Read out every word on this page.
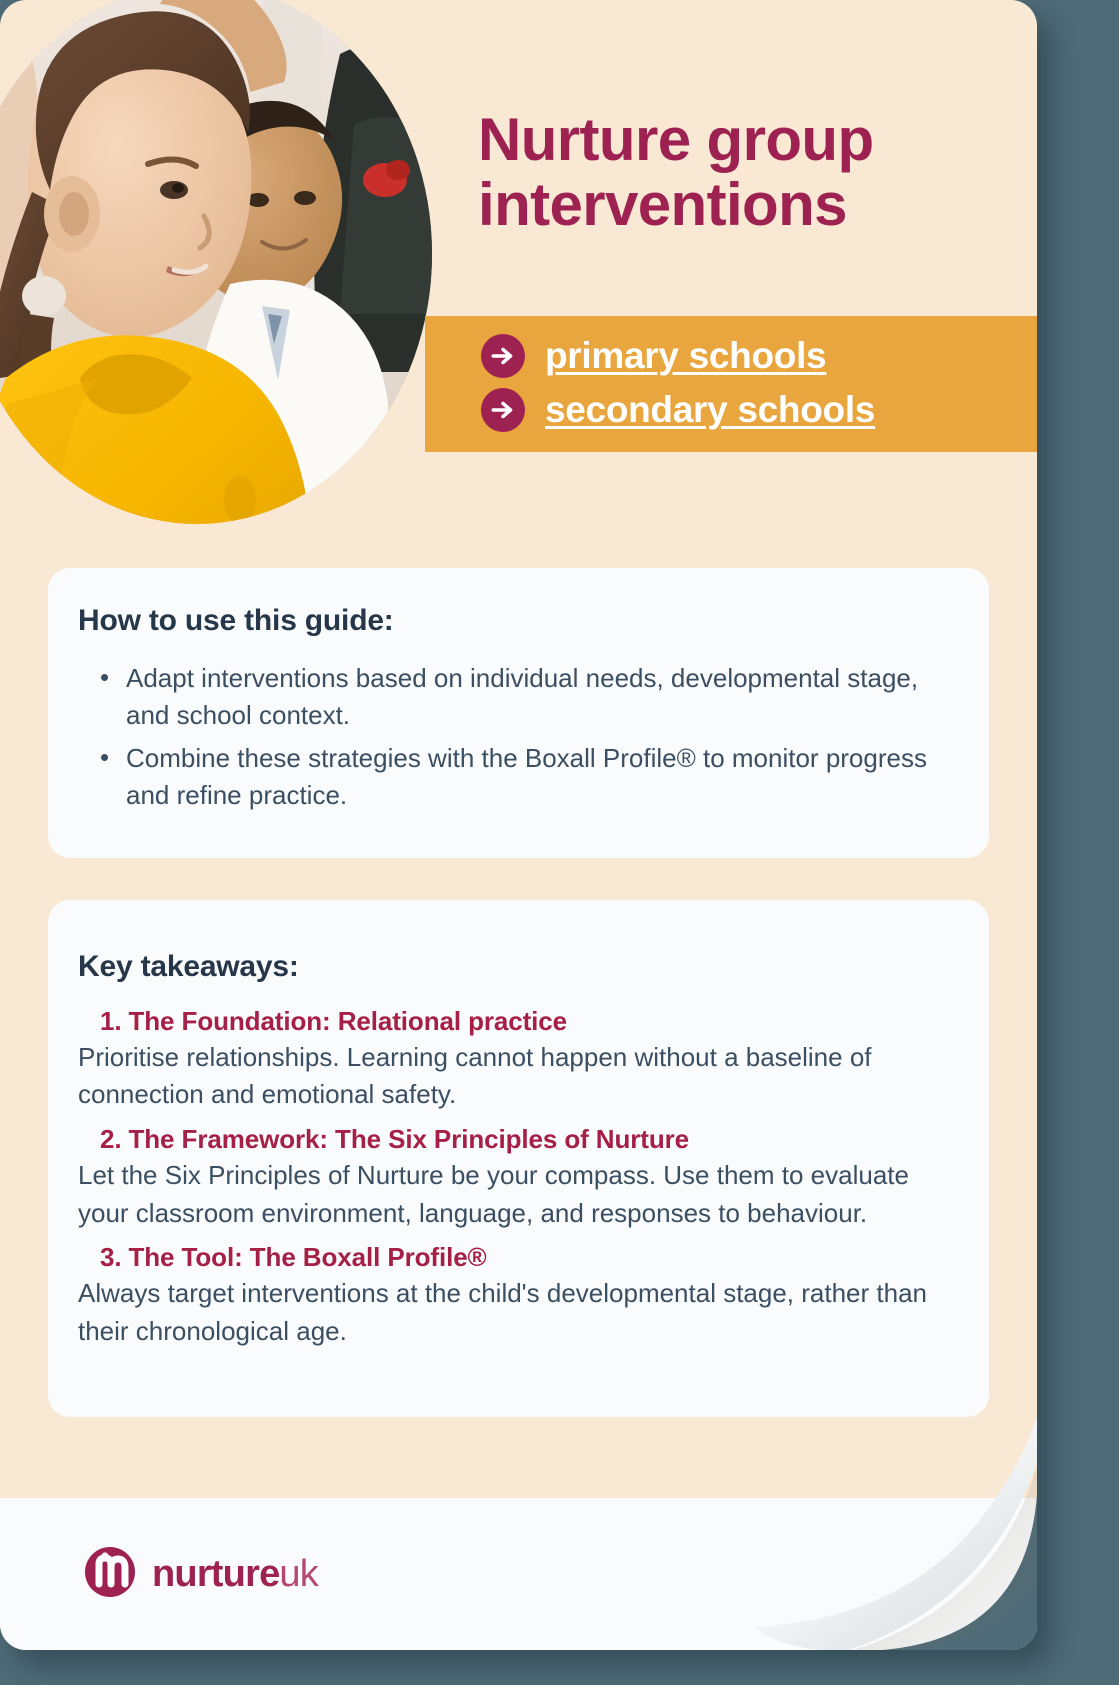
Nurture group
interventions
primary schools
secondary schools
How to use this guide:
• Adapt interventions based on individual needs, developmental stage, and school context.
• Combine these strategies with the Boxall Profile® to monitor progress and refine practice.
Key takeaways:
1. The Foundation: Relational practice
Prioritise relationships. Learning cannot happen without a baseline of connection and emotional safety.
2. The Framework: The Six Principles of Nurture
Let the Six Principles of Nurture be your compass. Use them to evaluate your classroom environment, language, and responses to behaviour.
3. The Tool: The Boxall Profile®
Always target interventions at the child's developmental stage, rather than their chronological age.
nurtureuk
